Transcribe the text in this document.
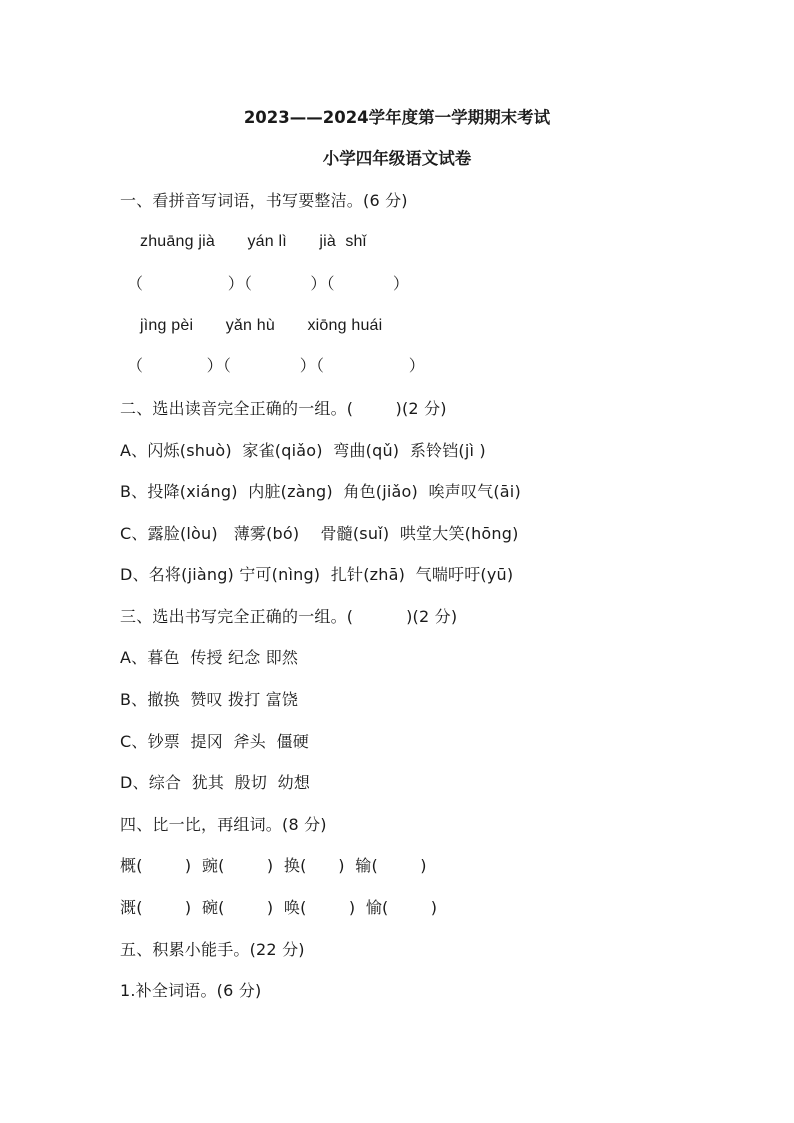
2023——2024学年度第一学期期末考试
小学四年级语文试卷
一、看拼音写词语，书写要整洁。(6 分)
zhuāng jià       yán lì       jià  shǐ
（                ）（           ）（           ）
jìng pèi       yǎn hù       xiōng huái
（            ）（             ）（                ）
二、选出读音完全正确的一组。(        )(2 分)
A、闪烁(shuò)  家雀(qiǎo)  弯曲(qǔ)  系铃铛(jì )
B、投降(xiáng)  内脏(zàng)  角色(jiǎo)  唉声叹气(āi)
C、露脸(lòu)   薄雾(bó)    骨髓(suǐ)  哄堂大笑(hōng)
D、名将(jiàng) 宁可(nìng)  扎针(zhā)  气喘吁吁(yū)
三、选出书写完全正确的一组。(          )(2 分)
A、暮色  传授 纪念 即然
B、撤换  赞叹 拨打 富饶
C、钞票  提冈  斧头  僵硬
D、综合  犹其  殷切  幼想
四、比一比，再组词。(8 分)
概(        )  豌(        )  换(      )  输(        )
溉(        )  碗(        )  唤(        )  愉(        )
五、积累小能手。(22 分)
1.补全词语。(6 分)
